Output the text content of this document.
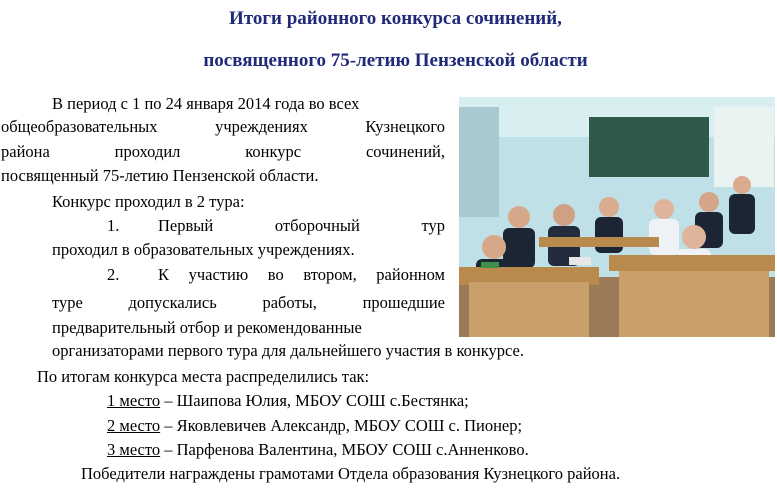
Итоги районного конкурса сочинений,
посвященного 75-летию Пензенской области

В период с 1 по 24 января 2014 года во всех

общеобразовательных учреждениях Кузнецкого

района проходил конкурс сочинений,

посвященный 75-летию Пензенской области.

Конкурс проходил в 2 тура:

1. Первый отборочный тур

проходил в образовательных учреждениях.

2. К участию во втором, районном

туре допускались работы, прошедшие

предварительный отбор и рекомендованные

организаторами первого тура для дальнейшего участия в конкурсе.

По итогам конкурса места распределились так:

1 место – Шаипова Юлия, МБОУ СОШ с.Бестянка;

2 место – Яковлевичев Александр, МБОУ СОШ с. Пионер;

3 место – Парфенова Валентина, МБОУ СОШ с.Анненково.

Победители награждены грамотами Отдела образования Кузнецкого района.
